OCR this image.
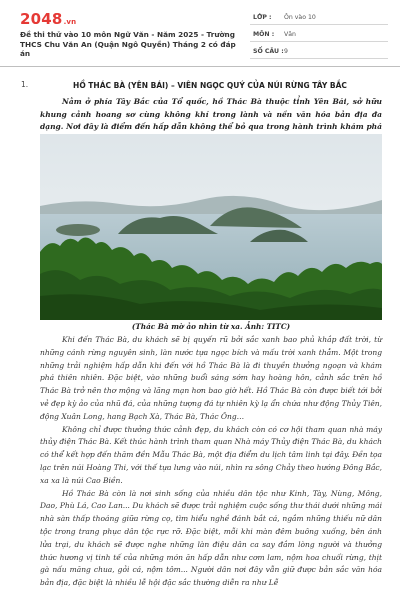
2048.vn
Đề thi thử vào 10 môn Ngữ Văn - Năm 2025 - Trường THCS Chu Văn An (Quận Ngô Quyền) Tháng 2 có đáp án
LỚP : Ôn vào 10
MÔN : Văn
SỐ CÂU : 9
1.	HỒ THÁC BÀ (YÊN BÁI) – VIÊN NGỌC QUÝ CỦA NÚI RỪNG TÂY BẮC
Nằm ở phía Tây Bắc của Tổ quốc, hồ Thác Bà thuộc tỉnh Yên Bái, sở hữu khung cảnh hoang sơ cùng không khí trong lành và nền văn hóa bản địa đa dạng. Nơi đây là điểm đến hấp dẫn không thể bỏ qua trong hành trình khám phá
(Thác Bà mờ ảo nhìn từ xa. Ảnh: TITC)

Khi đến Thác Bà, du khách sẽ bị quyến rũ bởi sắc xanh bao phủ khắp đất trời, từ những cánh rừng nguyên sinh, làn nước tựa ngọc bích và mấu trời xanh thẳm. Một trong những trải nghiệm hấp dẫn khi đến với hồ Thác Bà là đi thuyền thưởng ngoạn và khám phá thiên nhiên. Đặc biệt, vào những buổi sáng sớm hay hoàng hôn, cảnh sắc trên hồ Thác Bà trở nên thơ mộng và lãng mạn hơn bao giờ hết. Hồ Thác Bà còn được biết tới bởi vẻ đẹp kỳ ảo của nhũ đá, của những tượng đá tự nhiên kỳ lạ ẩn chứa như động Thủy Tiên, động Xuân Long, hang Bạch Xà, Thác Bà, Thác Ông…

Không chỉ được thưởng thức cảnh đẹp, du khách còn có cơ hội tham quan nhà máy thủy điện Thác Bà. Kết thúc hành trình tham quan Nhà máy Thủy điện Thác Bà, du khách có thể kết hợp đến thăm đền Mẫu Thác Bà, một địa điểm du lịch tâm linh tại đây. Đền tọa lạc trên núi Hoàng Thi, với thế tựa lưng vào núi, nhìn ra sông Chảy theo hướng Đông Bắc, xa xa là núi Cao Biền.

Hồ Thác Bà còn là nơi sinh sống của nhiều dân tộc như Kinh, Tày, Nùng, Mông, Dao, Phù Lá, Cao Lan... Du khách sẽ được trải nghiệm cuộc sống thư thái dưới những mái nhà sàn thấp thoáng giữa rừng cọ, tìm hiểu nghề đánh bắt cá, ngắm những thiếu nữ dân tộc trong trang phục dân tộc rực rỡ. Đặc biệt, mỗi khi màn đêm buông xuống, bên ánh lửa trại, du khách sẽ được nghe những làn điệu dân ca say đắm lòng người và thưởng thức hương vị tinh tế của những món ăn hấp dẫn như cơm lam, nộm hoa chuối rừng, thịt gà nấu măng chua, gỏi cá, nộm tôm... Người dân nơi đây vẫn giữ được bản sắc văn hóa bản địa, đặc biệt là nhiều lễ hội đặc sắc thường diễn ra như Lễ
